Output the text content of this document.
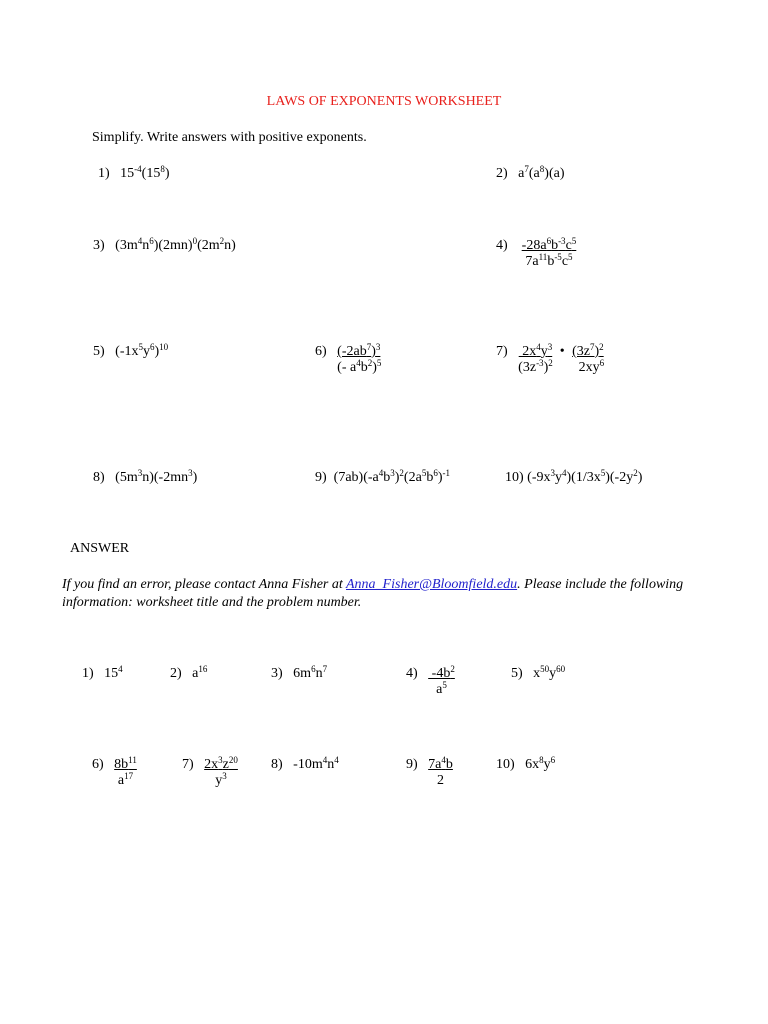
LAWS OF EXPONENTS WORKSHEET
Simplify. Write answers with positive exponents.
1)   $15^{-4}(15^8)$	2)   $a^7(a^8)(a)$
3)   $(3m^4n^6)(2mn)^0(2m^2n)$	4)    $-28a^6b^{-3}c^5$
$7a^{11}b^{-5}c^5$
5)   $(-1x^5y^6)^{10}$	6)   $(-2ab^7)^3$
(- $a^4b^2)^5$
7)    $2x^4y^3$
$(3z^{-3})^2$  •  $(3z^7)^2$
$2xy^6$
8)   $(5m^3n)(-2mn^3)$	9)  $(7ab)(-a^4b^3)^2(2a^5b^6)^{-1}$	10) $(-9x^3y^4)(1/3x^5)(-2y^2)$
ANSWER
If you find an error, please contact Anna Fisher at Anna_Fisher@Bloomfield.edu. Please include the following information: worksheet title and the problem number.
1)   $15^4$	2)   $a^{16}$	3)   $6m^6n^7$	4)    $-4b^2$
$a^5$
5)   $x^{50}y^{60}$
6)   $8b^{11}$
$a^{17}$
7)   $2x^3z^{20}$
$y^3$
8)   $-10m^4n^4$	9)   $7a^4b$
2
10)   $6x^8y^6$
